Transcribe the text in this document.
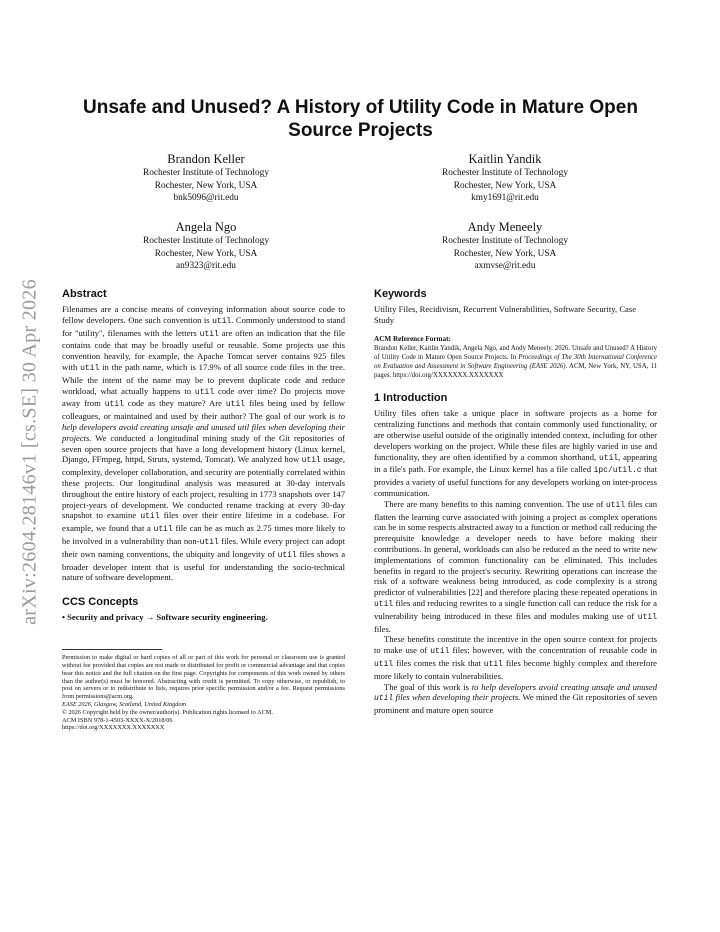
arXiv:2604.28146v1 [cs.SE] 30 Apr 2026
Unsafe and Unused? A History of Utility Code in Mature Open Source Projects
Brandon Keller
Rochester Institute of Technology
Rochester, New York, USA
bnk5096@rit.edu
Kaitlin Yandik
Rochester Institute of Technology
Rochester, New York, USA
kmy1691@rit.edu
Angela Ngo
Rochester Institute of Technology
Rochester, New York, USA
an9323@rit.edu
Andy Meneely
Rochester Institute of Technology
Rochester, New York, USA
axmvse@rit.edu
Abstract

Filenames are a concise means of conveying information about source code to fellow developers. One such convention is util. Commonly understood to stand for "utility", filenames with the letters util are often an indication that the file contains code that may be broadly useful or reusable. Some projects use this convention heavily, for example, the Apache Tomcat server contains 925 files with util in the path name, which is 17.9% of all source code files in the tree. While the intent of the name may be to prevent duplicate code and reduce workload, what actually happens to util code over time? Do projects move away from util code as they mature? Are util files being used by fellow colleagues, or maintained and used by their author? The goal of our work is to help developers avoid creating unsafe and unused util files when developing their projects. We conducted a longitudinal mining study of the Git repositories of seven open source projects that have a long development history (Linux kernel, Django, FFmpeg, httpd, Struts, systemd, Tomcat). We analyzed how util usage, complexity, developer collaboration, and security are potentially correlated within these projects. Our longitudinal analysis was measured at 30-day intervals throughout the entire history of each project, resulting in 1773 snapshots over 147 project-years of development. We conducted rename tracking at every 30-day snapshot to examine util files over their entire lifetime in a codebase. For example, we found that a util file can be as much as 2.75 times more likely to be involved in a vulnerability than non-util files. While every project can adopt their own naming conventions, the ubiquity and longevity of util files shows a broader developer intent that is useful for understanding the socio-technical nature of software development.

CCS Concepts
• Security and privacy → Software security engineering.
Permission to make digital or hard copies of all or part of this work for personal or classroom use is granted without fee provided that copies are not made or distributed for profit or commercial advantage and that copies bear this notice and the full citation on the first page. Copyrights for components of this work owned by others than the author(s) must be honored. Abstracting with credit is permitted. To copy otherwise, or republish, to post on servers or to redistribute to lists, requires prior specific permission and/or a fee. Request permissions from permissions@acm.org.
EASE 2026, Glasgow, Scotland, United Kingdom
© 2026 Copyright held by the owner/author(s). Publication rights licensed to ACM.
ACM ISBN 978-1-4503-XXXX-X/2018/06
https://doi.org/XXXXXXX.XXXXXXX
Keywords

Utility Files, Recidivism, Recurrent Vulnerabilities, Software Security, Case Study

ACM Reference Format:
Brandon Keller, Kaitlin Yandik, Angela Ngo, and Andy Meneely. 2026. Unsafe and Unused? A History of Utility Code in Mature Open Source Projects. In Proceedings of The 30th International Conference on Evaluation and Assessment in Software Engineering (EASE 2026). ACM, New York, NY, USA, 11 pages. https://doi.org/XXXXXXX.XXXXXXX
1 Introduction

Utility files often take a unique place in software projects as a home for centralizing functions and methods that contain commonly used functionality, or are otherwise useful outside of the originally intended context, including for other developers working on the project. While these files are highly varied in use and functionality, they are often identified by a common shorthand, util, appearing in a file's path. For example, the Linux kernel has a file called ipc/util.c that provides a variety of useful functions for any developers working on inter-process communication.

There are many benefits to this naming convention. The use of util files can flatten the learning curve associated with joining a project as complex operations can be in some respects abstracted away to a function or method call reducing the prerequisite knowledge a developer needs to have before making their contributions. In general, workloads can also be reduced as the need to write new implementations of common functionality can be eliminated. This includes benefits in regard to the project's security. Rewriting operations can increase the risk of a software weakness being introduced, as code complexity is a strong predictor of vulnerabilities [22] and therefore placing these repeated operations in util files and reducing rewrites to a single function call can reduce the risk for a vulnerability being introduced in these files and modules making use of util files.

These benefits constitute the incentive in the open source context for projects to make use of util files; however, with the concentration of reusable code in util files comes the risk that util files become highly complex and therefore more likely to contain vulnerabilities.

The goal of this work is to help developers avoid creating unsafe and unused util files when developing their projects. We mined the Git repositories of seven prominent and mature open source
